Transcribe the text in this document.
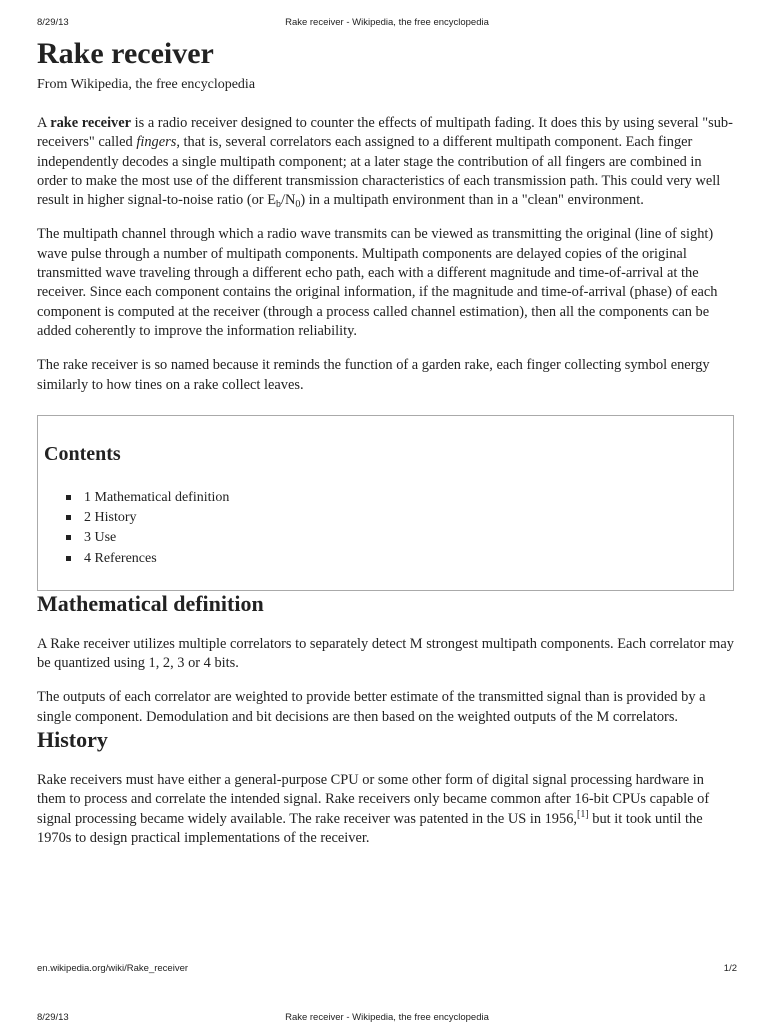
8/29/13	Rake receiver - Wikipedia, the free encyclopedia
Rake receiver
From Wikipedia, the free encyclopedia

A rake receiver is a radio receiver designed to counter the effects of multipath fading. It does this by using several "sub-receivers" called fingers, that is, several correlators each assigned to a different multipath component. Each finger independently decodes a single multipath component; at a later stage the contribution of all fingers are combined in order to make the most use of the different transmission characteristics of each transmission path. This could very well result in higher signal-to-noise ratio (or $E_b/N_0$) in a multipath environment than in a "clean" environment.

The multipath channel through which a radio wave transmits can be viewed as transmitting the original (line of sight) wave pulse through a number of multipath components. Multipath components are delayed copies of the original transmitted wave traveling through a different echo path, each with a different magnitude and time-of-arrival at the receiver. Since each component contains the original information, if the magnitude and time-of-arrival (phase) of each component is computed at the receiver (through a process called channel estimation), then all the components can be added coherently to improve the information reliability.

The rake receiver is so named because it reminds the function of a garden rake, each finger collecting symbol energy similarly to how tines on a rake collect leaves.

Contents
1 Mathematical definition
2 History
3 Use
4 References
Mathematical definition

A Rake receiver utilizes multiple correlators to separately detect M strongest multipath components. Each correlator may be quantized using 1, 2, 3 or 4 bits.

The outputs of each correlator are weighted to provide better estimate of the transmitted signal than is provided by a single component. Demodulation and bit decisions are then based on the weighted outputs of the M correlators.

History

Rake receivers must have either a general-purpose CPU or some other form of digital signal processing hardware in them to process and correlate the intended signal. Rake receivers only became common after 16-bit CPUs capable of signal processing became widely available. The rake receiver was patented in the US in 1956,[1] but it took until the 1970s to design practical implementations of the receiver.

en.wikipedia.org/wiki/Rake_receiver	1/2
8/29/13	Rake receiver - Wikipedia, the free encyclopedia
